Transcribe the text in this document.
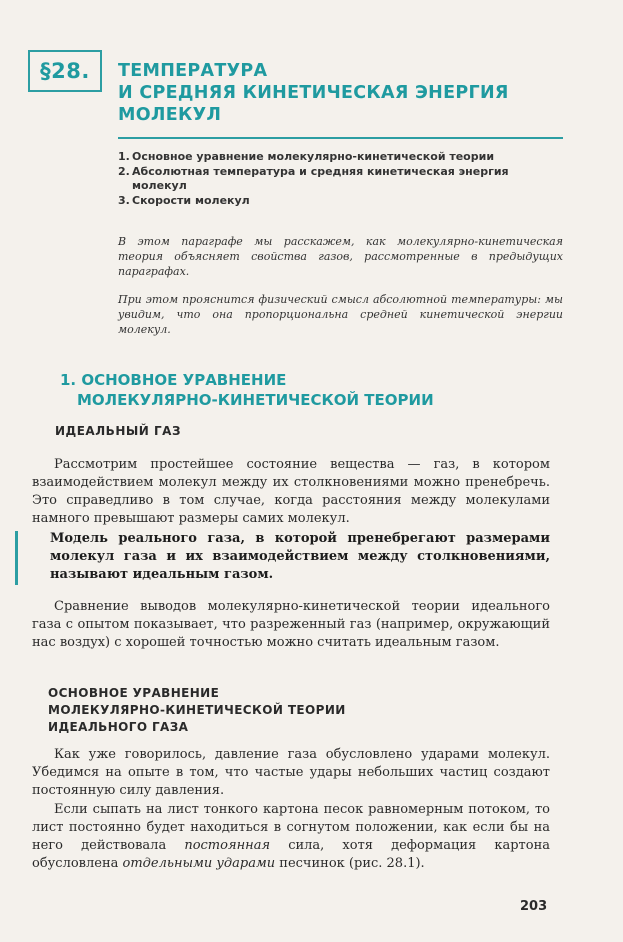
§28. ТЕМПЕРАТУРА
И СРЕДНЯЯ КИНЕТИЧЕСКАЯ ЭНЕРГИЯ
МОЛЕКУЛ
1. Основное уравнение молекулярно-кинетической теории
2. Абсолютная температура и средняя кинетическая энергия молекул
3. Скорости молекул

В этом параграфе мы расскажем, как молекулярно-кинетическая теория объясняет свойства газов, рассмотренные в предыдущих параграфах.

При этом прояснится физический смысл абсолютной температуры: мы увидим, что она пропорциональна средней кинетической энергии молекул.

1. ОСНОВНОЕ УРАВНЕНИЕ
МОЛЕКУЛЯРНО-КИНЕТИЧЕСКОЙ ТЕОРИИ
ИДЕАЛЬНЫЙ ГАЗ

Рассмотрим простейшее состояние вещества — газ, в котором взаимодействием молекул между их столкновениями можно пренебречь. Это справедливо в том случае, когда расстояния между молекулами намного превышают размеры самих молекул.

Модель реального газа, в которой пренебрегают размерами молекул газа и их взаимодействием между столкновениями, называют идеальным газом.

Сравнение выводов молекулярно-кинетической теории идеального газа с опытом показывает, что разреженный газ (например, окружающий нас воздух) с хорошей точностью можно считать идеальным газом.

ОСНОВНОЕ УРАВНЕНИЕ
МОЛЕКУЛЯРНО-КИНЕТИЧЕСКОЙ ТЕОРИИ
ИДЕАЛЬНОГО ГАЗА

Как уже говорилось, давление газа обусловлено ударами молекул. Убедимся на опыте в том, что частые удары небольших частиц создают постоянную силу давления.

Если сыпать на лист тонкого картона песок равномерным потоком, то лист постоянно будет находиться в согнутом положении, как если бы на него действовала постоянная сила, хотя деформация картона обусловлена отдельными ударами песчинок (рис. 28.1).

203
